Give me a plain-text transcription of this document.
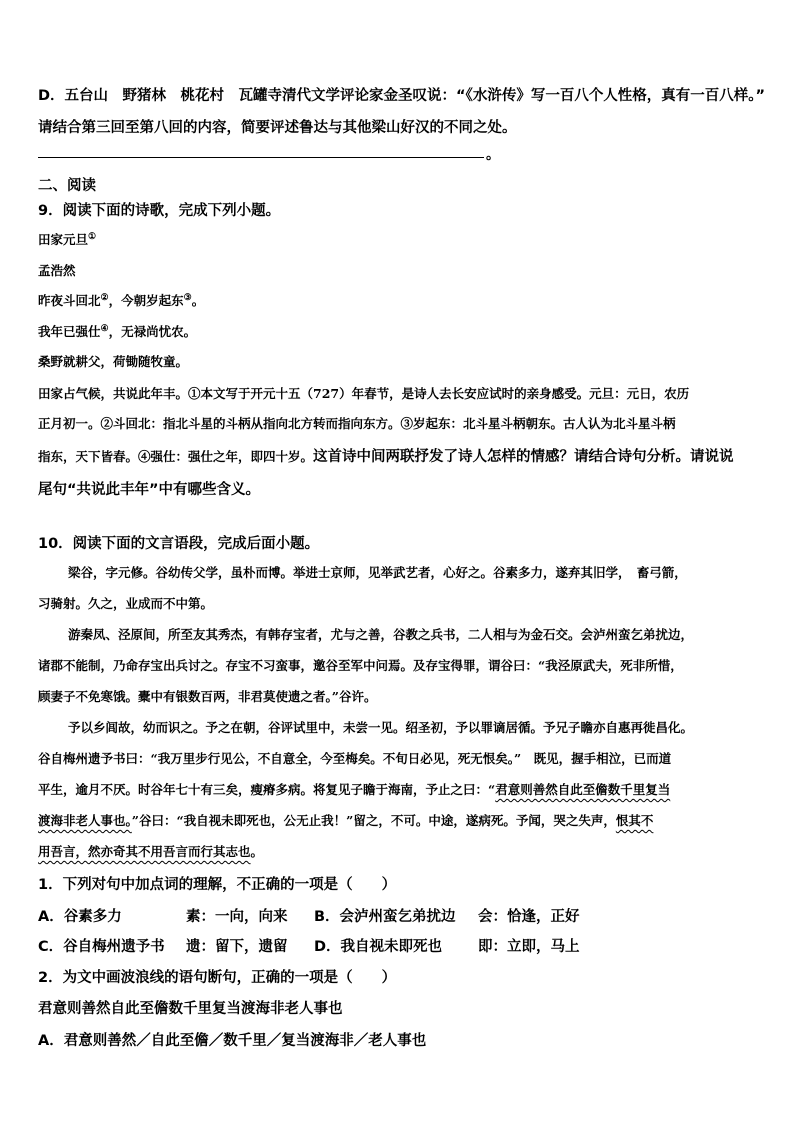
D．五台山　野猪林　桃花村　瓦罐寺清代文学评论家金圣叹说：“《水浒传》写一百八个人性格，真有一百八样。”
请结合第三回至第八回的内容，简要评述鲁达与其他梁山好汉的不同之处。
。
二、阅读
9．阅读下面的诗歌，完成下列小题。
田家元旦①
孟浩然
昨夜斗回北②，今朝岁起东③。
我年已强仕④，无禄尚忧农。
桑野就耕父，荷锄随牧童。
田家占气候，共说此年丰。①本文写于开元十五（727）年春节，是诗人去长安应试时的亲身感受。元旦：元日，农历
正月初一。②斗回北：指北斗星的斗柄从指向北方转而指向东方。③岁起东：北斗星斗柄朝东。古人认为北斗星斗柄
指东，天下皆春。④强仕：强仕之年，即四十岁。这首诗中间两联抒发了诗人怎样的情感？请结合诗句分析。请说说
尾句“共说此丰年”中有哪些含义。
10．阅读下面的文言语段，完成后面小题。
梁谷，字元修。谷幼传父学，虽朴而博。举进士京师，见举武艺者，心好之。谷素多力，遂弃其旧学，　畜弓箭，
习骑射。久之，业成而不中第。
游秦凤、泾原间，所至友其秀杰，有韩存宝者，尤与之善，谷教之兵书，二人相与为金石交。会泸州蛮乞弟扰边，
诸郡不能制，乃命存宝出兵讨之。存宝不习蛮事，邀谷至军中问焉。及存宝得罪，谓谷曰：“我泾原武夫，死非所惜，
顾妻子不免寒饿。橐中有银数百两，非君莫使遗之者。”谷许。
予以乡闾故，幼而识之。予之在朝，谷评试里中，未尝一见。绍圣初，予以罪谪居循。予兄子瞻亦自惠再徙昌化。
谷自梅州遗予书曰：“我万里步行见公，不自意全，今至梅矣。不旬日必见，死无恨矣。”　既见，握手相泣，已而道
平生，逾月不厌。时谷年七十有三矣，瘦瘠多病。将复见子瞻于海南，予止之曰：“君意则善然自此至儋数千里复当
渡海非老人事也。”谷曰：“我自视未即死也，公无止我！”留之，不可。中途，遂病死。予闻，哭之失声，恨其不
用吾言，然亦奇其不用吾言而行其志也。
1．下列对句中加点词的理解，不正确的一项是（　　）
A．谷素多力	素：一向，向来 B．会泸州蛮乞弟扰边 会：恰逢，正好
C．谷自梅州遗予书 遗：留下，遗留 D．我自视未即死也 即：立即，马上
2．为文中画波浪线的语句断句，正确的一项是（　　）
君意则善然自此至儋数千里复当渡海非老人事也
A．君意则善然／自此至儋／数千里／复当渡海非／老人事也
